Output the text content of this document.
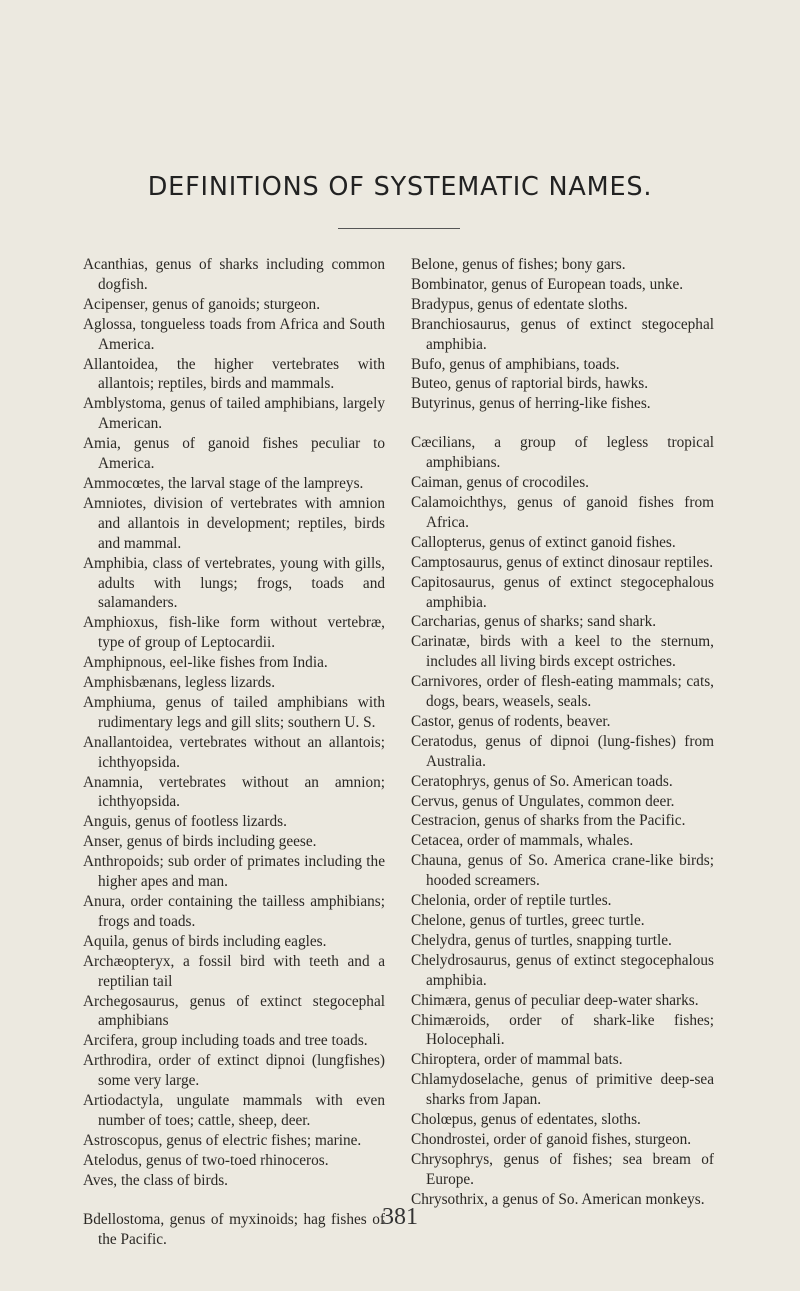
DEFINITIONS OF SYSTEMATIC NAMES.

Acanthias, genus of sharks including common dogfish.

Acipenser, genus of ganoids; sturgeon.

Aglossa, tongueless toads from Africa and South America.

Allantoidea, the higher vertebrates with allantois; reptiles, birds and mammals.

Amblystoma, genus of tailed amphibians, largely American.

Amia, genus of ganoid fishes peculiar to America.

Ammocœtes, the larval stage of the lampreys.

Amniotes, division of vertebrates with amnion and allantois in development; reptiles, birds and mammal.

Amphibia, class of vertebrates, young with gills, adults with lungs; frogs, toads and salamanders.

Amphioxus, fish-like form without vertebræ, type of group of Leptocardii.

Amphipnous, eel-like fishes from India.

Amphisbænans, legless lizards.

Amphiuma, genus of tailed amphibians with rudimentary legs and gill slits; southern U. S.

Anallantoidea, vertebrates without an allantois; ichthyopsida.

Anamnia, vertebrates without an amnion; ichthyopsida.

Anguis, genus of footless lizards.

Anser, genus of birds including geese.

Anthropoids; sub order of primates including the higher apes and man.

Anura, order containing the tailless amphibians; frogs and toads.

Aquila, genus of birds including eagles.

Archæopteryx, a fossil bird with teeth and a reptilian tail

Archegosaurus, genus of extinct stegocephal amphibians

Arcifera, group including toads and tree toads.

Arthrodira, order of extinct dipnoi (lungfishes) some very large.

Artiodactyla, ungulate mammals with even number of toes; cattle, sheep, deer.

Astroscopus, genus of electric fishes; marine.

Atelodus, genus of two-toed rhinoceros.

Aves, the class of birds.

Bdellostoma, genus of myxinoids; hag fishes of the Pacific.

Belone, genus of fishes; bony gars.

Bombinator, genus of European toads, unke.

Bradypus, genus of edentate sloths.

Branchiosaurus, genus of extinct stegocephal amphibia.

Bufo, genus of amphibians, toads.

Buteo, genus of raptorial birds, hawks.

Butyrinus, genus of herring-like fishes.

Cæcilians, a group of legless tropical amphibians.

Caiman, genus of crocodiles.

Calamoichthys, genus of ganoid fishes from Africa.

Callopterus, genus of extinct ganoid fishes.

Camptosaurus, genus of extinct dinosaur reptiles.

Capitosaurus, genus of extinct stegocephalous amphibia.

Carcharias, genus of sharks; sand shark.

Carinatæ, birds with a keel to the sternum, includes all living birds except ostriches.

Carnivores, order of flesh-eating mammals; cats, dogs, bears, weasels, seals.

Castor, genus of rodents, beaver.

Ceratodus, genus of dipnoi (lung-fishes) from Australia.

Ceratophrys, genus of So. American toads.

Cervus, genus of Ungulates, common deer.

Cestracion, genus of sharks from the Pacific.

Cetacea, order of mammals, whales.

Chauna, genus of So. America crane-like birds; hooded screamers.

Chelonia, order of reptile turtles.

Chelone, genus of turtles, greec turtle.

Chelydra, genus of turtles, snapping turtle.

Chelydrosaurus, genus of extinct stegocephalous amphibia.

Chimæra, genus of peculiar deep-water sharks.

Chimæroids, order of shark-like fishes; Holocephali.

Chiroptera, order of mammal bats.

Chlamydoselache, genus of primitive deep-sea sharks from Japan.

Cholœpus, genus of edentates, sloths.

Chondrostei, order of ganoid fishes, sturgeon.

Chrysophrys, genus of fishes; sea bream of Europe.

Chrysothrix, a genus of So. American monkeys.

381
